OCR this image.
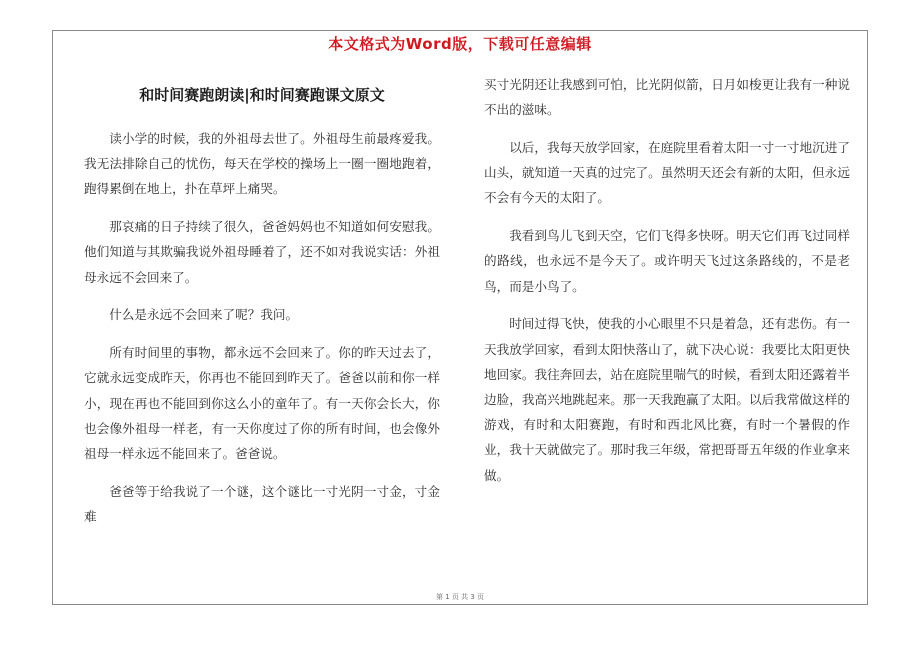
本文格式为Word版，下载可任意编辑
和时间赛跑朗读|和时间赛跑课文原文

读小学的时候，我的外祖母去世了。外祖母生前最疼爱我。我无法排除自己的忧伤，每天在学校的操场上一圈一圈地跑着，跑得累倒在地上，扑在草坪上痛哭。

那哀痛的日子持续了很久，爸爸妈妈也不知道如何安慰我。他们知道与其欺骗我说外祖母睡着了，还不如对我说实话：外祖母永远不会回来了。

什么是永远不会回来了呢？我问。

所有时间里的事物，都永远不会回来了。你的昨天过去了，它就永远变成昨天，你再也不能回到昨天了。爸爸以前和你一样小，现在再也不能回到你这么小的童年了。有一天你会长大，你也会像外祖母一样老，有一天你度过了你的所有时间，也会像外祖母一样永远不能回来了。爸爸说。

爸爸等于给我说了一个谜，这个谜比一寸光阴一寸金，寸金难

买寸光阴还让我感到可怕，比光阴似箭，日月如梭更让我有一种说不出的滋味。

以后，我每天放学回家，在庭院里看着太阳一寸一寸地沉进了山头，就知道一天真的过完了。虽然明天还会有新的太阳，但永远不会有今天的太阳了。

我看到鸟儿飞到天空，它们飞得多快呀。明天它们再飞过同样的路线，也永远不是今天了。或许明天飞过这条路线的，不是老鸟，而是小鸟了。

时间过得飞快，使我的小心眼里不只是着急，还有悲伤。有一天我放学回家，看到太阳快落山了，就下决心说：我要比太阳更快地回家。我往奔回去，站在庭院里喘气的时候，看到太阳还露着半边脸，我高兴地跳起来。那一天我跑赢了太阳。以后我常做这样的游戏，有时和太阳赛跑，有时和西北风比赛，有时一个暑假的作业，我十天就做完了。那时我三年级，常把哥哥五年级的作业拿来做。

第 1 页 共 3 页
